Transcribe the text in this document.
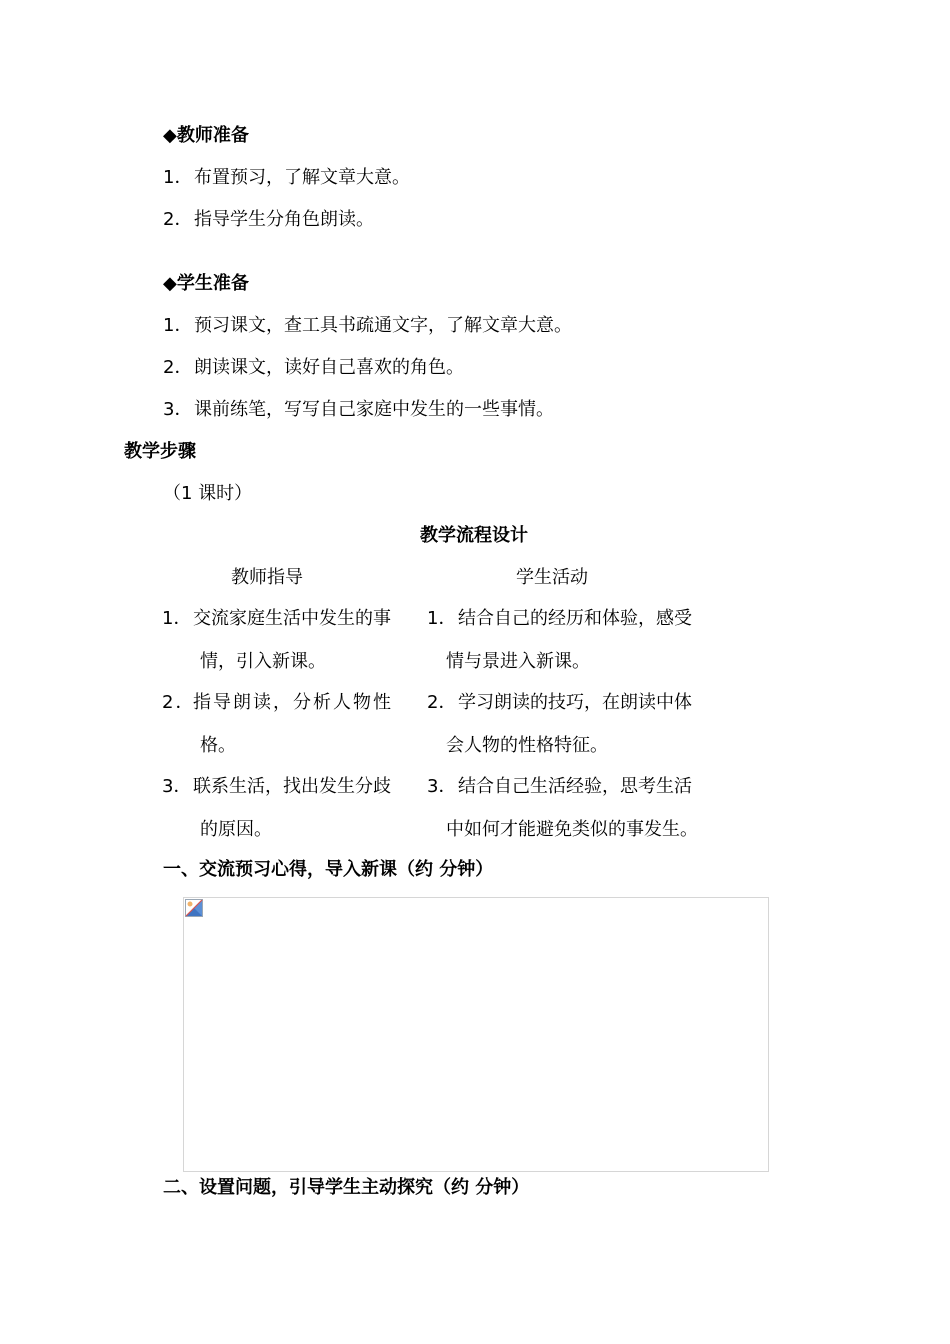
◆教师准备
1．布置预习，了解文章大意。
2．指导学生分角色朗读。
◆学生准备
1．预习课文，查工具书疏通文字，了解文章大意。
2．朗读课文，读好自己喜欢的角色。
3．课前练笔，写写自己家庭中发生的一些事情。
教学步骤
（1 课时）
教学流程设计
教师指导	学生活动
1．交流家庭生活中发生的事
情，引入新课。
1．结合自己的经历和体验，感受
情与景进入新课。
2．指导朗读，分析人物性
格。
2．学习朗读的技巧，在朗读中体
会人物的性格特征。
3．联系生活，找出发生分歧
的原因。
3．结合自己生活经验，思考生活
中如何才能避免类似的事发生。
一、交流预习心得，导入新课（约 分钟）
二、设置问题，引导学生主动探究（约 分钟）
